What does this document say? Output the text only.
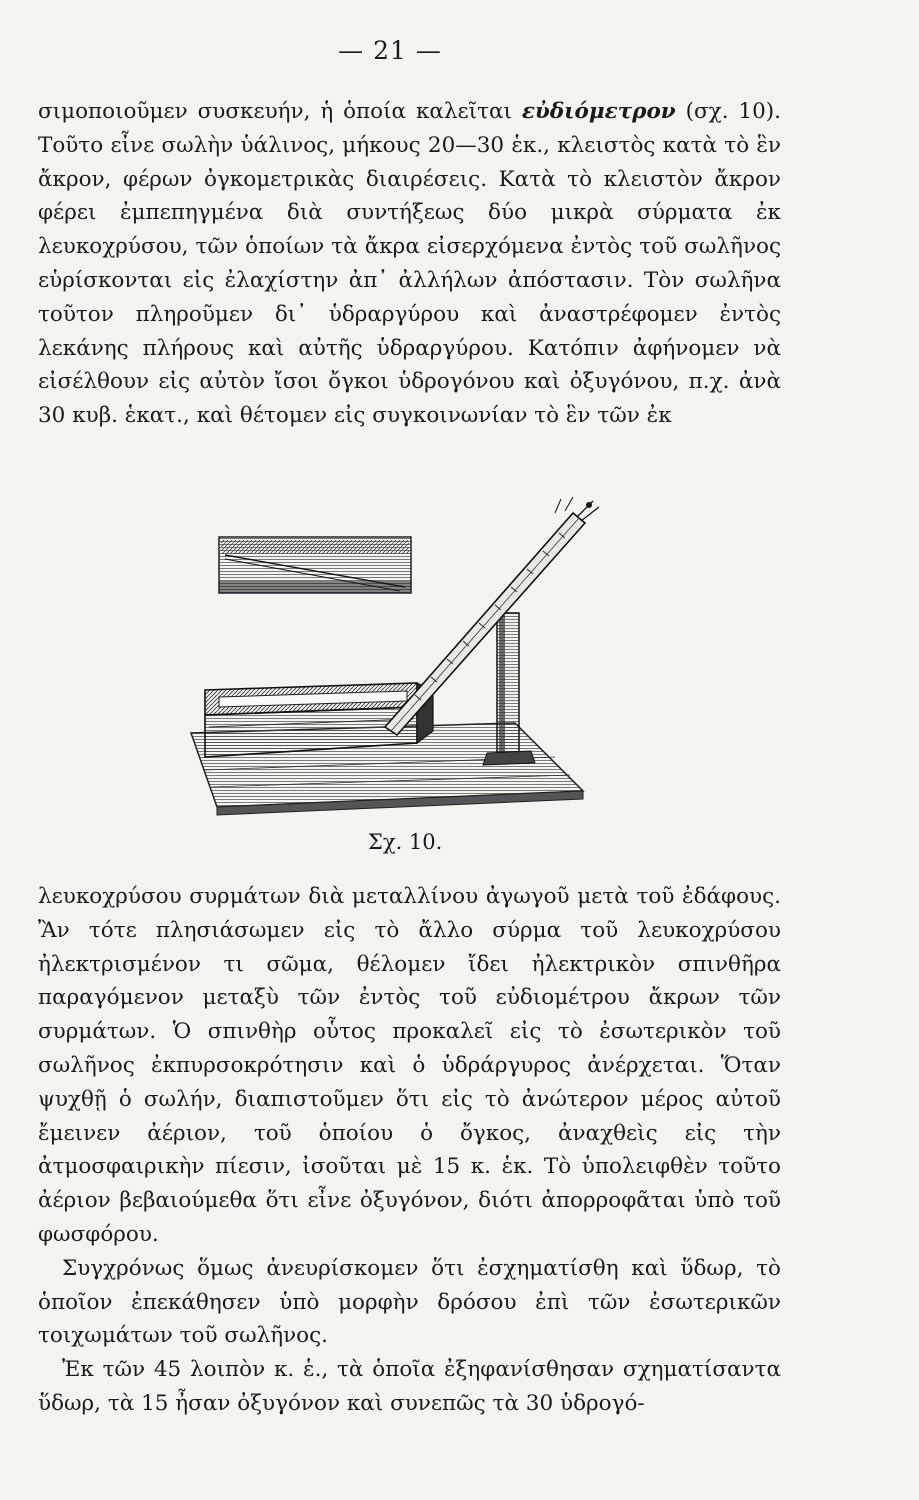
— 21 —

σιμοποιοῦμεν συσκευήν, ἡ ὁποία καλεῖται εὐδιόμετρον (σχ. 10). Τοῦτο εἶνε σωλὴν ὑάλινος, μήκους 20—30 ἑκ., κλειστὸς κατὰ τὸ ἓν ἄκρον, φέρων ὀγκομετρικὰς διαιρέσεις. Κατὰ τὸ κλειστὸν ἄκρον φέρει ἐμπεπηγμένα διὰ συντήξεως δύο μικρὰ σύρματα ἐκ λευκοχρύσου, τῶν ὁποίων τὰ ἄκρα εἰσερχόμενα ἐντὸς τοῦ σωλῆνος εὑρίσκονται εἰς ἐλαχίστην ἀπ᾽ ἀλλήλων ἀπόστασιν. Τὸν σωλῆνα τοῦτον πληροῦμεν δι᾽ ὑδραργύρου καὶ ἀναστρέφομεν ἐντὸς λεκάνης πλήρους καὶ αὐτῆς ὑδραργύρου. Κατόπιν ἀφήνομεν νὰ εἰσέλθουν εἰς αὐτὸν ἴσοι ὄγκοι ὑδρογόνου καὶ ὀξυγόνου, π.χ. ἀνὰ 30 κυβ. ἑκατ., καὶ θέτομεν εἰς συγκοινωνίαν τὸ ἓν τῶν ἐκ

Σχ. 10.

λευκοχρύσου συρμάτων διὰ μεταλλίνου ἀγωγοῦ μετὰ τοῦ ἐδάφους. Ἂν τότε πλησιάσωμεν εἰς τὸ ἄλλο σύρμα τοῦ λευκοχρύσου ἠλεκτρισμένον τι σῶμα, θέλομεν ἴδει ἠλεκτρικὸν σπινθῆρα παραγόμενον μεταξὺ τῶν ἐντὸς τοῦ εὐδιομέτρου ἄκρων τῶν συρμάτων. Ὁ σπινθὴρ οὗτος προκαλεῖ εἰς τὸ ἐσωτερικὸν τοῦ σωλῆνος ἐκπυρσοκρότησιν καὶ ὁ ὑδράργυρος ἀνέρχεται. Ὅταν ψυχθῇ ὁ σωλήν, διαπιστοῦμεν ὅτι εἰς τὸ ἀνώτερον μέρος αὐτοῦ ἔμεινεν ἀέριον, τοῦ ὁποίου ὁ ὄγκος, ἀναχθεὶς εἰς τὴν ἀτμοσφαιρικὴν πίεσιν, ἰσοῦται μὲ 15 κ. ἑκ. Τὸ ὑπολειφθὲν τοῦτο ἀέριον βεβαιούμεθα ὅτι εἶνε ὀξυγόνον, διότι ἀπορροφᾶται ὑπὸ τοῦ φωσφόρου.

Συγχρόνως ὅμως ἀνευρίσκομεν ὅτι ἐσχηματίσθη καὶ ὕδωρ, τὸ ὁποῖον ἐπεκάθησεν ὑπὸ μορφὴν δρόσου ἐπὶ τῶν ἐσωτερικῶν τοιχωμάτων τοῦ σωλῆνος.

Ἐκ τῶν 45 λοιπὸν κ. ἑ., τὰ ὁποῖα ἐξηφανίσθησαν σχηματίσαντα ὕδωρ, τὰ 15 ἦσαν ὀξυγόνον καὶ συνεπῶς τὰ 30 ὑδρογό-
